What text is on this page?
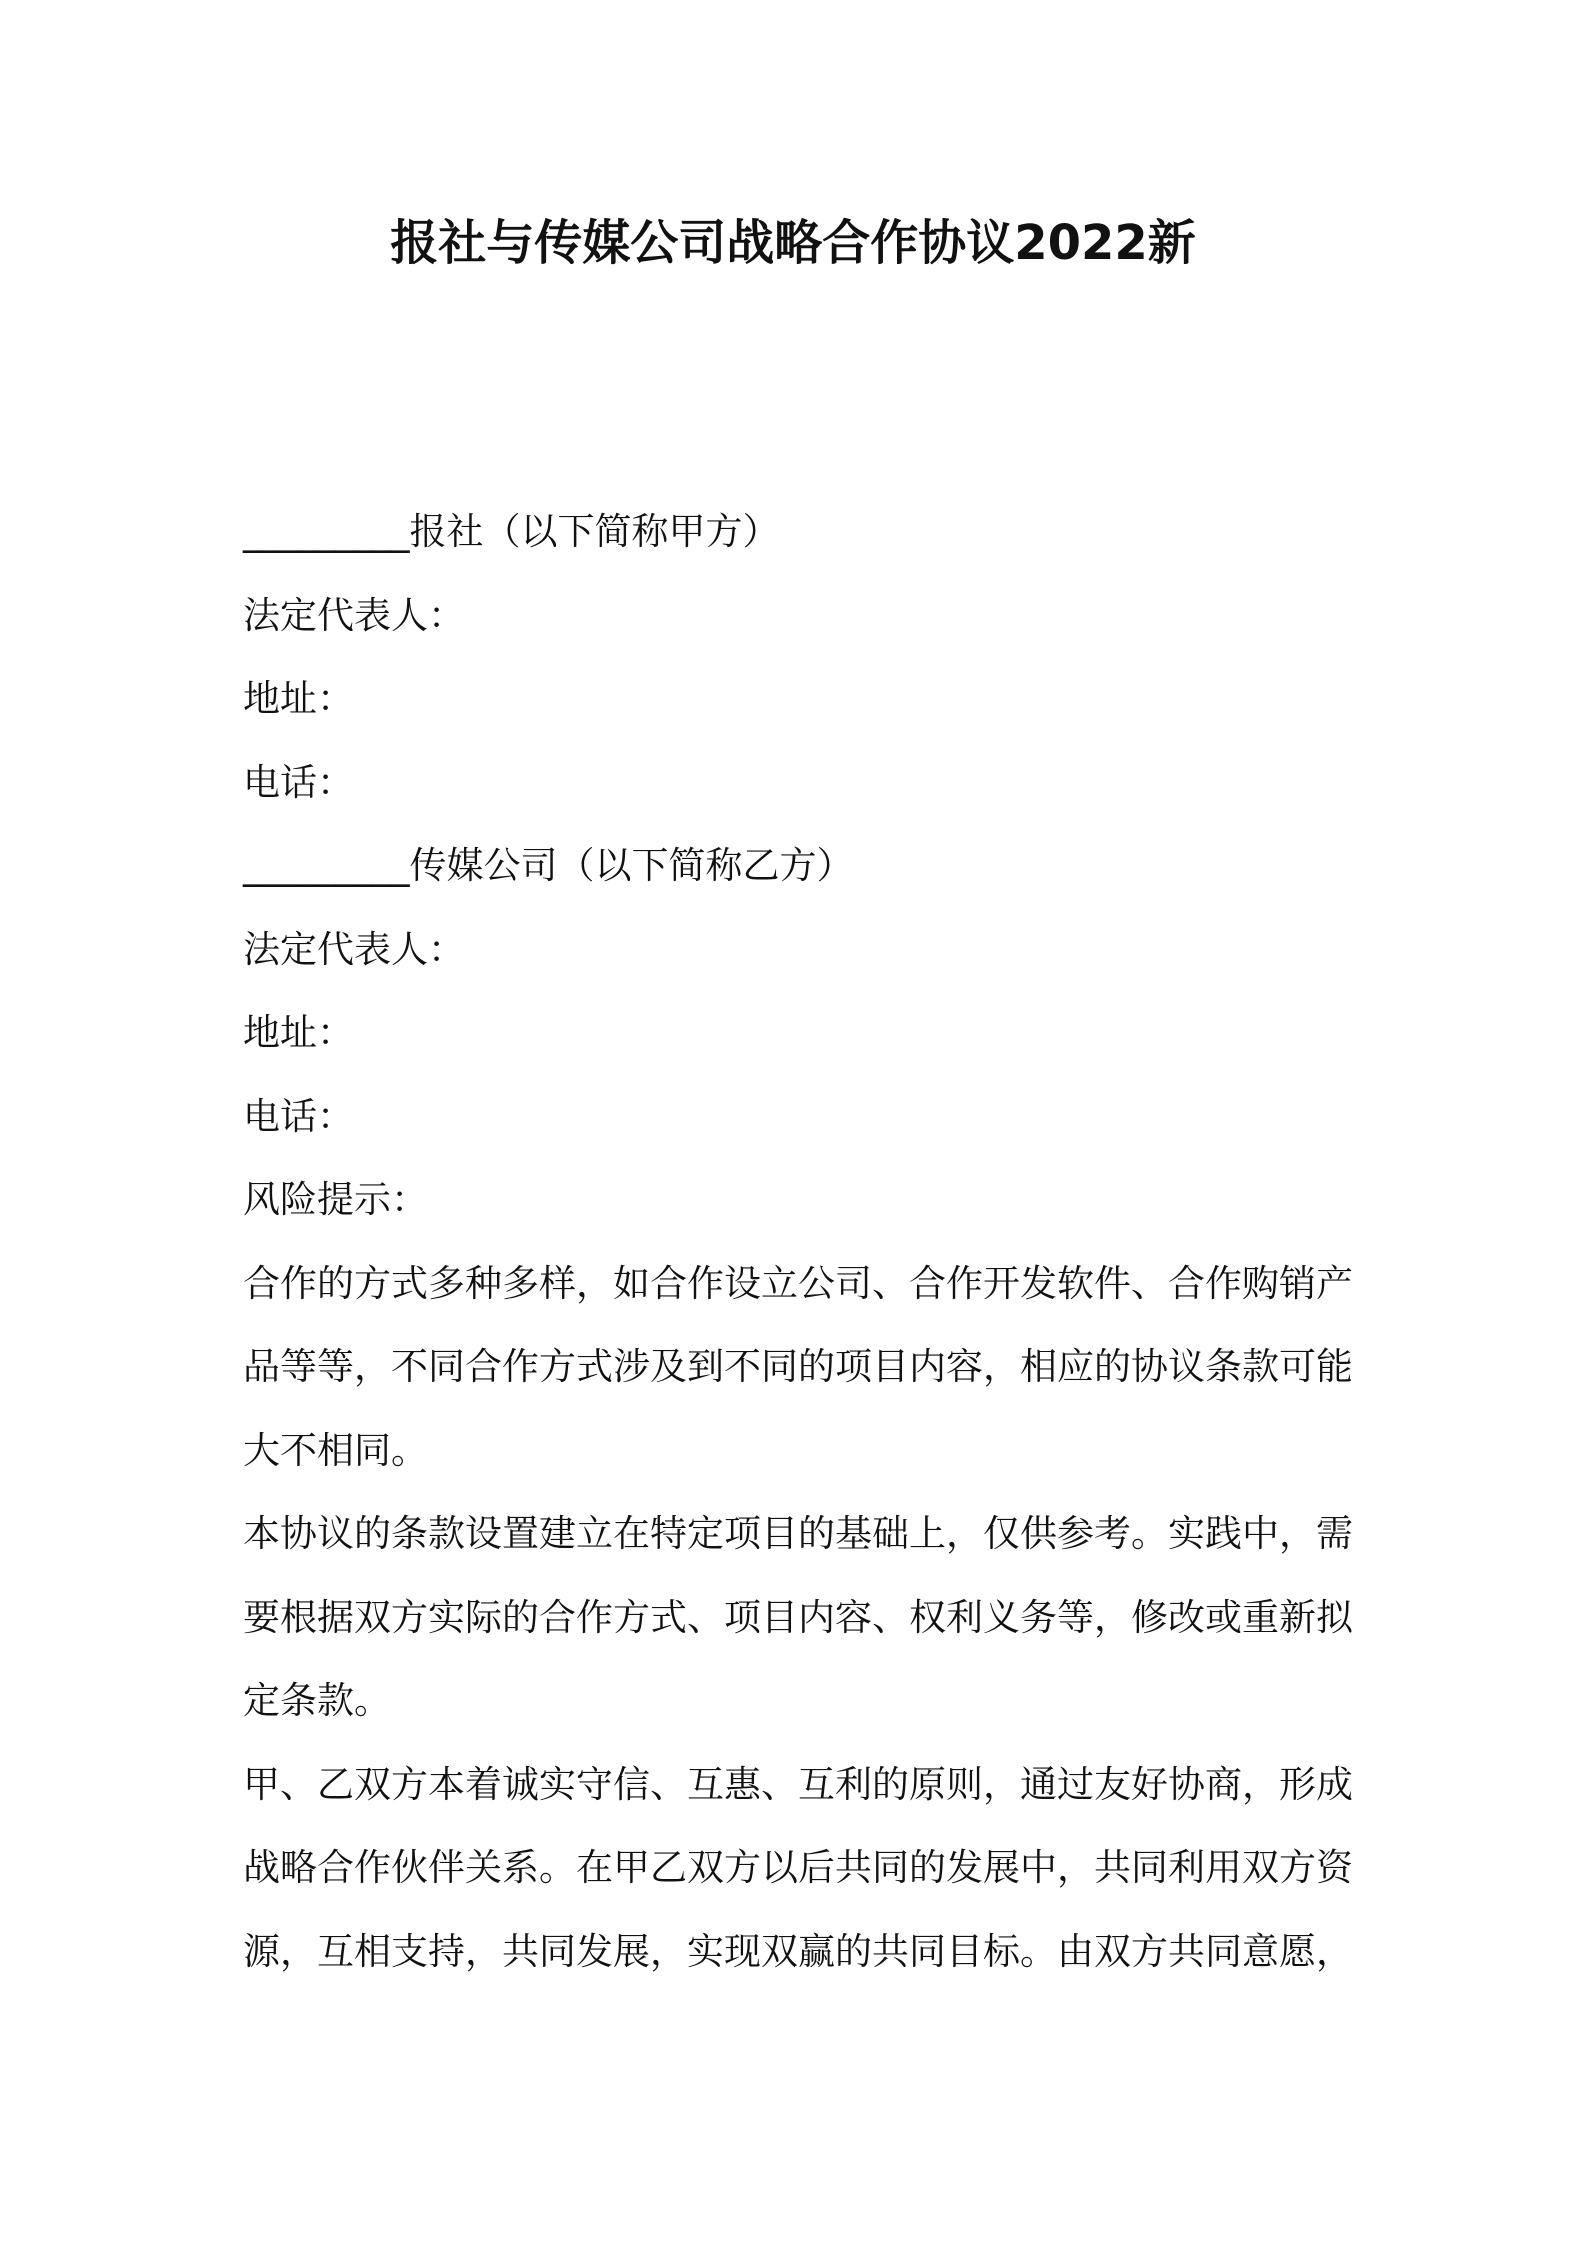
报社与传媒公司战略合作协议2022新

_________报社（以下简称甲方）

法定代表人：

地址：

电话：

_________传媒公司（以下简称乙方）

法定代表人：

地址：

电话：

风险提示：

合作的方式多种多样，如合作设立公司、合作开发软件、合作购销产品等等，不同合作方式涉及到不同的项目内容，相应的协议条款可能大不相同。

本协议的条款设置建立在特定项目的基础上，仅供参考。实践中，需要根据双方实际的合作方式、项目内容、权利义务等，修改或重新拟定条款。

甲、乙双方本着诚实守信、互惠、互利的原则，通过友好协商，形成战略合作伙伴关系。在甲乙双方以后共同的发展中，共同利用双方资源，互相支持，共同发展，实现双赢的共同目标。由双方共同意愿，
